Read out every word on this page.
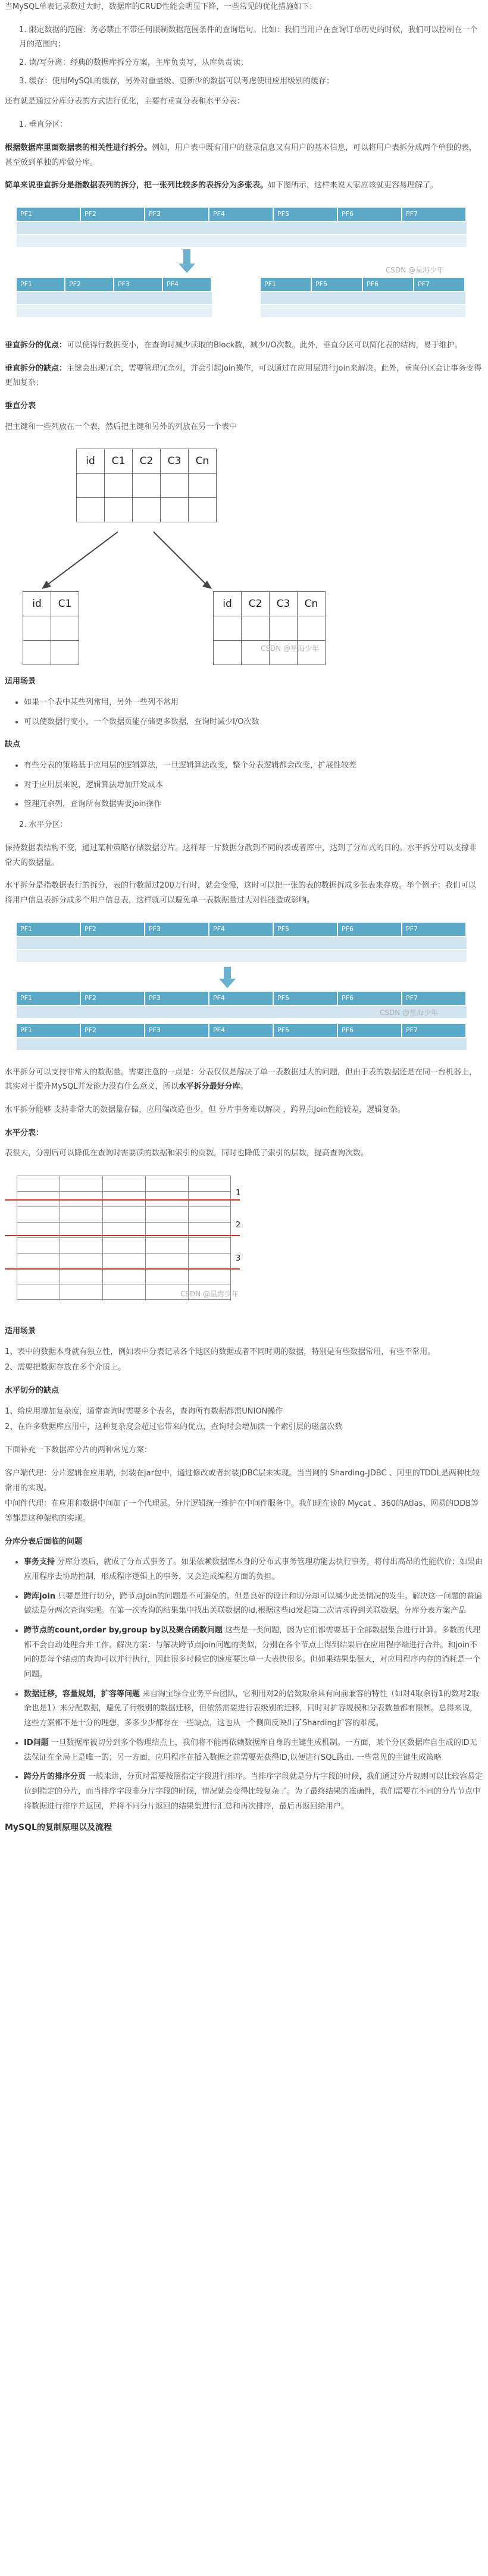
当MySQL单表记录数过大时，数据库的CRUD性能会明显下降，一些常见的优化措施如下：

1. 限定数据的范围：务必禁止不带任何限制数据范围条件的查询语句。比如：我们当用户在查询订单历史的时候，我们可以控制在一个月的范围内；
2. 读/写分离：经典的数据库拆分方案，主库负责写，从库负责读；
3. 缓存：使用MySQL的缓存，另外对重量级、更新少的数据可以考虑使用应用级别的缓存；

还有就是通过分库分表的方式进行优化，主要有垂直分表和水平分表：

1. 垂直分区：

根据数据库里面数据表的相关性进行拆分。例如，用户表中既有用户的登录信息又有用户的基本信息，可以将用户表拆分成两个单独的表，甚至放到单独的库做分库。

简单来说垂直拆分是指数据表列的拆分，把一张列比较多的表拆分为多张表。如下图所示，这样来说大家应该就更容易理解了。

PF1	PF2	PF3	PF4	PF5	PF6	PF7
PF1	PF2	PF3	PF4	PF1	PF5	PF6	PF7
CSDN @星海少年

垂直拆分的优点：可以使得行数据变小，在查询时减少读取的Block数，减少I/O次数。此外，垂直分区可以简化表的结构，易于维护。

垂直拆分的缺点：主键会出现冗余，需要管理冗余列，并会引起Join操作，可以通过在应用层进行Join来解决。此外，垂直分区会让事务变得更加复杂；

垂直分表

把主键和一些列放在一个表，然后把主键和另外的列放在另一个表中

id	C1	C2	C3	Cn

id	C1

		id	C2	C3	Cn

CSDN @星海少年

适用场景

• 如果一个表中某些列常用，另外一些列不常用
• 可以使数据行变小，一个数据页能存储更多数据，查询时减少I/O次数

缺点

• 有些分表的策略基于应用层的逻辑算法，一旦逻辑算法改变，整个分表逻辑都会改变，扩展性较差
• 对于应用层来说，逻辑算法增加开发成本
• 管理冗余列，查询所有数据需要join操作

2. 水平分区：

保持数据表结构不变，通过某种策略存储数据分片。这样每一片数据分散到不同的表或者库中，达到了分布式的目的。水平拆分可以支撑非常大的数据量。

水平拆分是指数据表行的拆分，表的行数超过200万行时，就会变慢，这时可以把一张的表的数据拆成多张表来存放。举个例子：我们可以将用户信息表拆分成多个用户信息表，这样就可以避免单一表数据量过大对性能造成影响。

PF1	PF2	PF3	PF4	PF5	PF6	PF7
PF1	PF2	PF3	PF4	PF5	PF6	PF7
PF1	PF2	PF3	PF4	PF5	PF6	PF7
CSDN @星海少年

水平拆分可以支持非常大的数据量。需要注意的一点是：分表仅仅是解决了单一表数据过大的问题，但由于表的数据还是在同一台机器上，其实对于提升MySQL并发能力没有什么意义，所以水平拆分最好分库。

水平拆分能够 支持非常大的数据量存储，应用端改造也少，但 分片事务难以解决 ，跨界点Join性能较差，逻辑复杂。

水平分表：

表很大，分割后可以降低在查询时需要读的数据和索引的页数，同时也降低了索引的层数，提高查询次数。

1
2
3
CSDN @星海少年

适用场景

1、表中的数据本身就有独立性，例如表中分表记录各个地区的数据或者不同时期的数据，特别是有些数据常用，有些不常用。

2、需要把数据存放在多个介质上。

水平切分的缺点

1、给应用增加复杂度，通常查询时需要多个表名，查询所有数据都需UNION操作

2、在许多数据库应用中，这种复杂度会超过它带来的优点，查询时会增加读一个索引层的磁盘次数

下面补充一下数据库分片的两种常见方案：

客户端代理：分片逻辑在应用端，封装在jar包中，通过修改或者封装JDBC层来实现。当当网的 Sharding-JDBC 、阿里的TDDL是两种比较常用的实现。

中间件代理：在应用和数据中间加了一个代理层。分片逻辑统一维护在中间件服务中。我们现在谈的 Mycat 、360的Atlas、网易的DDB等等都是这种架构的实现。

分库分表后面临的问题

• 事务支持 分库分表后，就成了分布式事务了。如果依赖数据库本身的分布式事务管理功能去执行事务，将付出高昂的性能代价；如果由应用程序去协助控制，形成程序逻辑上的事务，又会造成编程方面的负担。
• 跨库join 只要是进行切分，跨节点Join的问题是不可避免的。但是良好的设计和切分却可以减少此类情况的发生。解决这一问题的普遍做法是分两次查询实现。在第一次查询的结果集中找出关联数据的id,根据这些id发起第二次请求得到关联数据。分库分表方案产品
• 跨节点的count,order by,group by以及聚合函数问题 这些是一类问题，因为它们都需要基于全部数据集合进行计算。多数的代理都不会自动处理合并工作。解决方案：与解决跨节点join问题的类似，分别在各个节点上得到结果后在应用程序端进行合并。和join不同的是每个结点的查询可以并行执行，因此很多时候它的速度要比单一大表快很多。但如果结果集很大，对应用程序内存的消耗是一个问题。
• 数据迁移，容量规划，扩容等问题 来自淘宝综合业务平台团队，它利用对2的倍数取余具有向前兼容的特性（如对4取余得1的数对2取余也是1）来分配数据，避免了行级别的数据迁移，但依然需要进行表级别的迁移，同时对扩容规模和分表数量都有限制。总得来说，这些方案都不是十分的理想，多多少少都存在一些缺点，这也从一个侧面反映出了Sharding扩容的难度。
• ID问题 一旦数据库被切分到多个物理结点上，我们将不能再依赖数据库自身的主键生成机制。一方面，某个分区数据库自生成的ID无法保证在全局上是唯一的；另一方面，应用程序在插入数据之前需要先获得ID,以便进行SQL路由. 一些常见的主键生成策略
• 跨分片的排序分页 一般来讲，分页时需要按照指定字段进行排序。当排序字段就是分片字段的时候，我们通过分片规则可以比较容易定位到指定的分片，而当排序字段非分片字段的时候，情况就会变得比较复杂了。为了最终结果的准确性，我们需要在不同的分片节点中将数据进行排序并返回，并将不同分片返回的结果集进行汇总和再次排序，最后再返回给用户。

MySQL的复制原理以及流程
